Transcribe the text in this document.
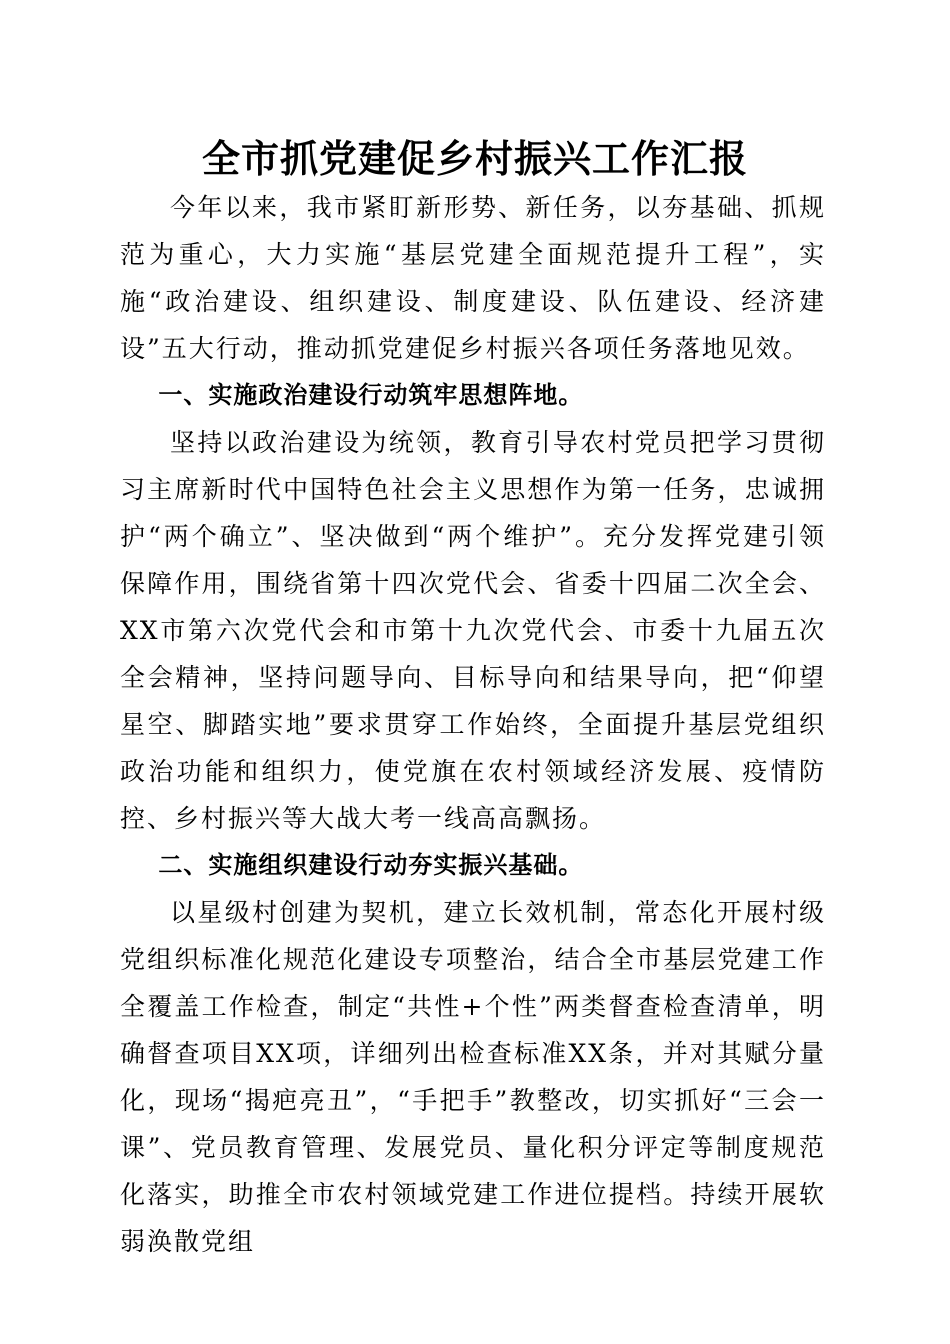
全市抓党建促乡村振兴工作汇报

今年以来，我市紧盯新形势、新任务，以夯基础、抓规范为重心，大力实施“基层党建全面规范提升工程”，实施“政治建设、组织建设、制度建设、队伍建设、经济建设”五大行动，推动抓党建促乡村振兴各项任务落地见效。

一、实施政治建设行动筑牢思想阵地。

坚持以政治建设为统领，教育引导农村党员把学习贯彻习主席新时代中国特色社会主义思想作为第一任务，忠诚拥护“两个确立”、坚决做到“两个维护”。充分发挥党建引领保障作用，围绕省第十四次党代会、省委十四届二次全会、XX市第六次党代会和市第十九次党代会、市委十九届五次全会精神，坚持问题导向、目标导向和结果导向，把“仰望星空、脚踏实地”要求贯穿工作始终，全面提升基层党组织政治功能和组织力，使党旗在农村领域经济发展、疫情防控、乡村振兴等大战大考一线高高飘扬。

二、实施组织建设行动夯实振兴基础。

以星级村创建为契机，建立长效机制，常态化开展村级党组织标准化规范化建设专项整治，结合全市基层党建工作全覆盖工作检查，制定“共性+个性”两类督查检查清单，明确督查项目XX项，详细列出检查标准XX条，并对其赋分量化，现场“揭疤亮丑”，“手把手”教整改，切实抓好“三会一课”、党员教育管理、发展党员、量化积分评定等制度规范化落实，助推全市农村领域党建工作进位提档。持续开展软弱涣散党组
